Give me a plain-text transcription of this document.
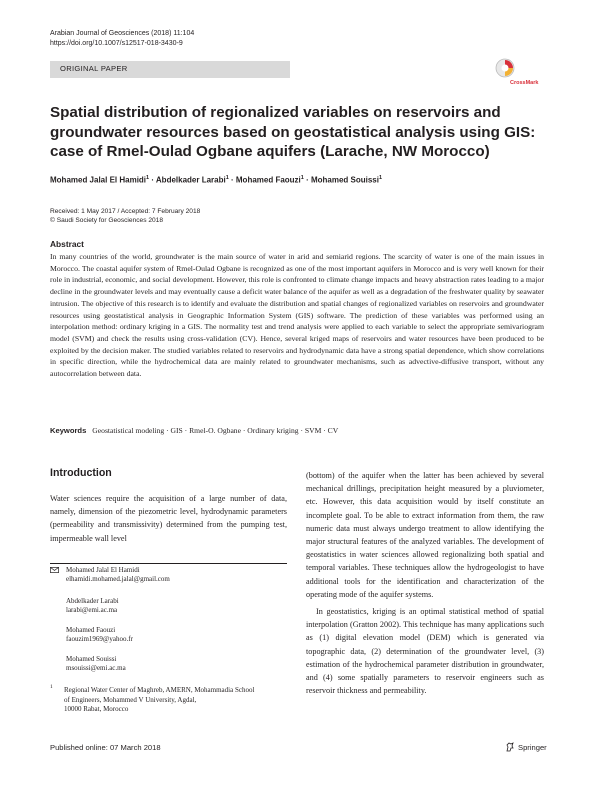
Arabian Journal of Geosciences (2018) 11:104
https://doi.org/10.1007/s12517-018-3430-9
ORIGINAL PAPER
CrossMark
Spatial distribution of regionalized variables on reservoirs and groundwater resources based on geostatistical analysis using GIS: case of Rmel-Oulad Ogbane aquifers (Larache, NW Morocco)
Mohamed Jalal El Hamidi$^1$ · Abdelkader Larabi$^1$ · Mohamed Faouzi$^1$ · Mohamed Souissi$^1$
Received: 1 May 2017 / Accepted: 7 February 2018
© Saudi Society for Geosciences 2018
Abstract

In many countries of the world, groundwater is the main source of water in arid and semiarid regions. The scarcity of water is one of the main issues in Morocco. The coastal aquifer system of Rmel-Oulad Ogbane is recognized as one of the most important aquifers in Morocco and is very well known for their role in industrial, economic, and social development. However, this role is confronted to climate change impacts and heavy abstraction rates leading to a major decline in the groundwater levels and may eventually cause a deficit water balance of the aquifer as well as a degradation of the freshwater quality by seawater intrusion. The objective of this research is to identify and evaluate the distribution and spatial changes of regionalized variables on reservoirs and groundwater resources using geostatistical analysis in Geographic Information System (GIS) software. The prediction of these variables was performed using an interpolation method: ordinary kriging in a GIS. The normality test and trend analysis were applied to each variable to select the appropriate semivariogram model (SVM) and check the results using cross-validation (CV). Hence, several kriged maps of reservoirs and water resources have been produced to be exploited by the decision maker. The studied variables related to reservoirs and hydrodynamic data have a strong spatial dependence, which show correlations in specific direction, while the hydrochemical data are mainly related to groundwater mechanisms, such as advective-diffusive transport, without any autocorrelation between data.

Keywords Geostatistical modeling · GIS · Rmel-O. Ogbane · Ordinary kriging · SVM · CV
Introduction

Water sciences require the acquisition of a large number of data, namely, dimension of the piezometric level, hydrodynamic parameters (permeability and transmissivity) determined from the pumping test, impermeable wall level

(bottom) of the aquifer when the latter has been achieved by several mechanical drillings, precipitation height measured by a pluviometer, etc. However, this data acquisition would by itself constitute an incomplete goal. To be able to extract information from them, the raw numeric data must always undergo treatment to allow identifying the major structural features of the analyzed variables. The development of geostatistics in water sciences allowed regionalizing both spatial and temporal variables. These techniques allow the hydrogeologist to have additional tools for the identification and characterization of the operating mode of the aquifer systems.

In geostatistics, kriging is an optimal statistical method of spatial interpolation (Gratton 2002). This technique has many applications such as (1) digital elevation model (DEM) which is generated via topographic data, (2) determination of the groundwater level, (3) estimation of the hydrochemical parameter distribution in groundwater, and (4) some spatially parameters to reservoir engineers such as reservoir thickness and permeability.

Mohamed Jalal El Hamidi
elhamidi.mohamed.jalal@gmail.com
Abdelkader Larabi
larabi@emi.ac.ma
Mohamed Faouzi
faouzim1969@yahoo.fr
Mohamed Souissi
msouissi@emi.ac.ma
1 Regional Water Center of Maghreb, AMERN, Mohammadia School
of Engineers, Mohammed V University, Agdal,
10000 Rabat, Morocco
Published online: 07 March 2018	Springer
